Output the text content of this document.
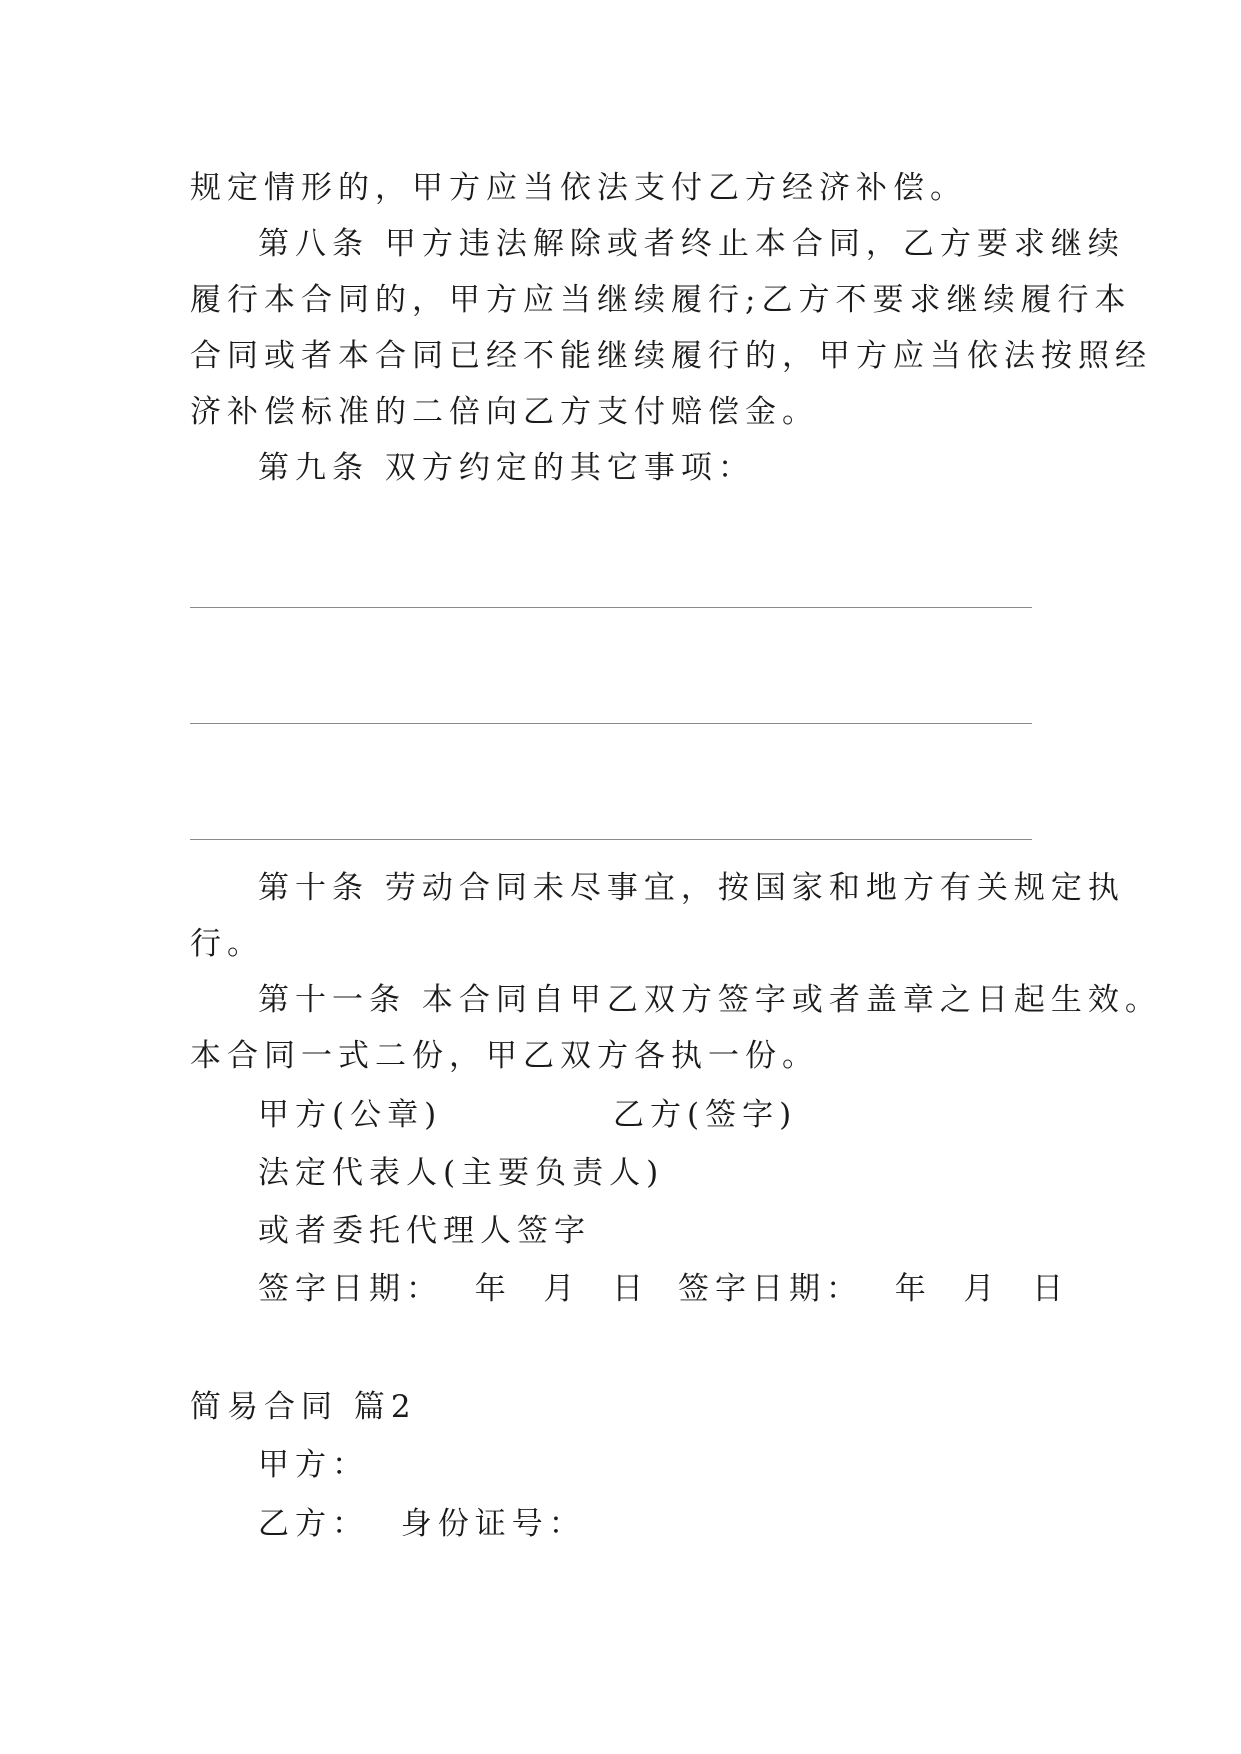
规定情形的，甲方应当依法支付乙方经济补偿。
第八条 甲方违法解除或者终止本合同，乙方要求继续
履行本合同的，甲方应当继续履行;乙方不要求继续履行本
合同或者本合同已经不能继续履行的，甲方应当依法按照经
济补偿标准的二倍向乙方支付赔偿金。
第九条 双方约定的其它事项：
第十条 劳动合同未尽事宜，按国家和地方有关规定执
行。
第十一条 本合同自甲乙双方签字或者盖章之日起生效。
本合同一式二份，甲乙双方各执一份。
甲方(公章)	乙方(签字)
法定代表人(主要负责人)
或者委托代理人签字
签字日期：  年  月  日 签字日期：  年  月  日
简易合同 篇2
甲方：
乙方：  身份证号：
